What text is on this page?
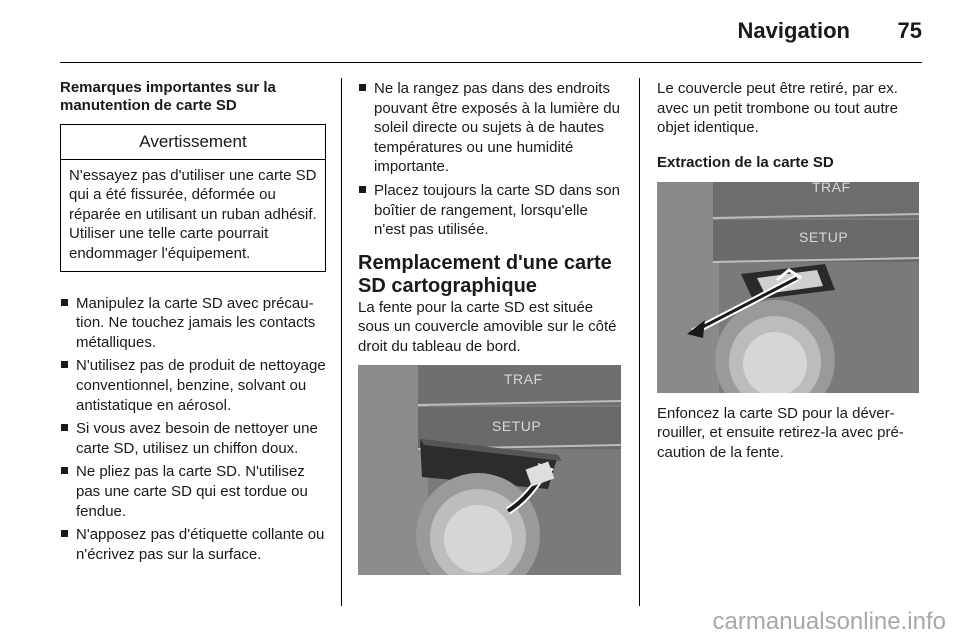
Navigation	75

Remarques importantes sur la manutention de carte SD

Avertissement
N'essayez pas d'utiliser une carte SD qui a été fissurée, déformée ou réparée en utilisant un ruban adhésif. Utiliser une telle carte pourrait endommager l'équipement.
Manipulez la carte SD avec précaution. Ne touchez jamais les contacts métalliques.
N'utilisez pas de produit de nettoyage conventionnel, benzine, solvant ou antistatique en aérosol.
Si vous avez besoin de nettoyer une carte SD, utilisez un chiffon doux.
Ne pliez pas la carte SD. N'utilisez pas une carte SD qui est tordue ou fendue.
N'apposez pas d'étiquette collante ou n'écrivez pas sur la surface.
Ne la rangez pas dans des endroits pouvant être exposés à la lumière du soleil directe ou sujets à de hautes températures ou une humidité importante.
Placez toujours la carte SD dans son boîtier de rangement, lorsqu'elle n'est pas utilisée.

Remplacement d'une carte SD cartographique

La fente pour la carte SD est située sous un couvercle amovible sur le côté droit du tableau de bord.

TRAF
SETUP

Le couvercle peut être retiré, par ex. avec un petit trombone ou tout autre objet identique.

Extraction de la carte SD

TRAF
SETUP

Enfoncez la carte SD pour la déverrouiller, et ensuite retirez-la avec précaution de la fente.

carmanualsonline.info
